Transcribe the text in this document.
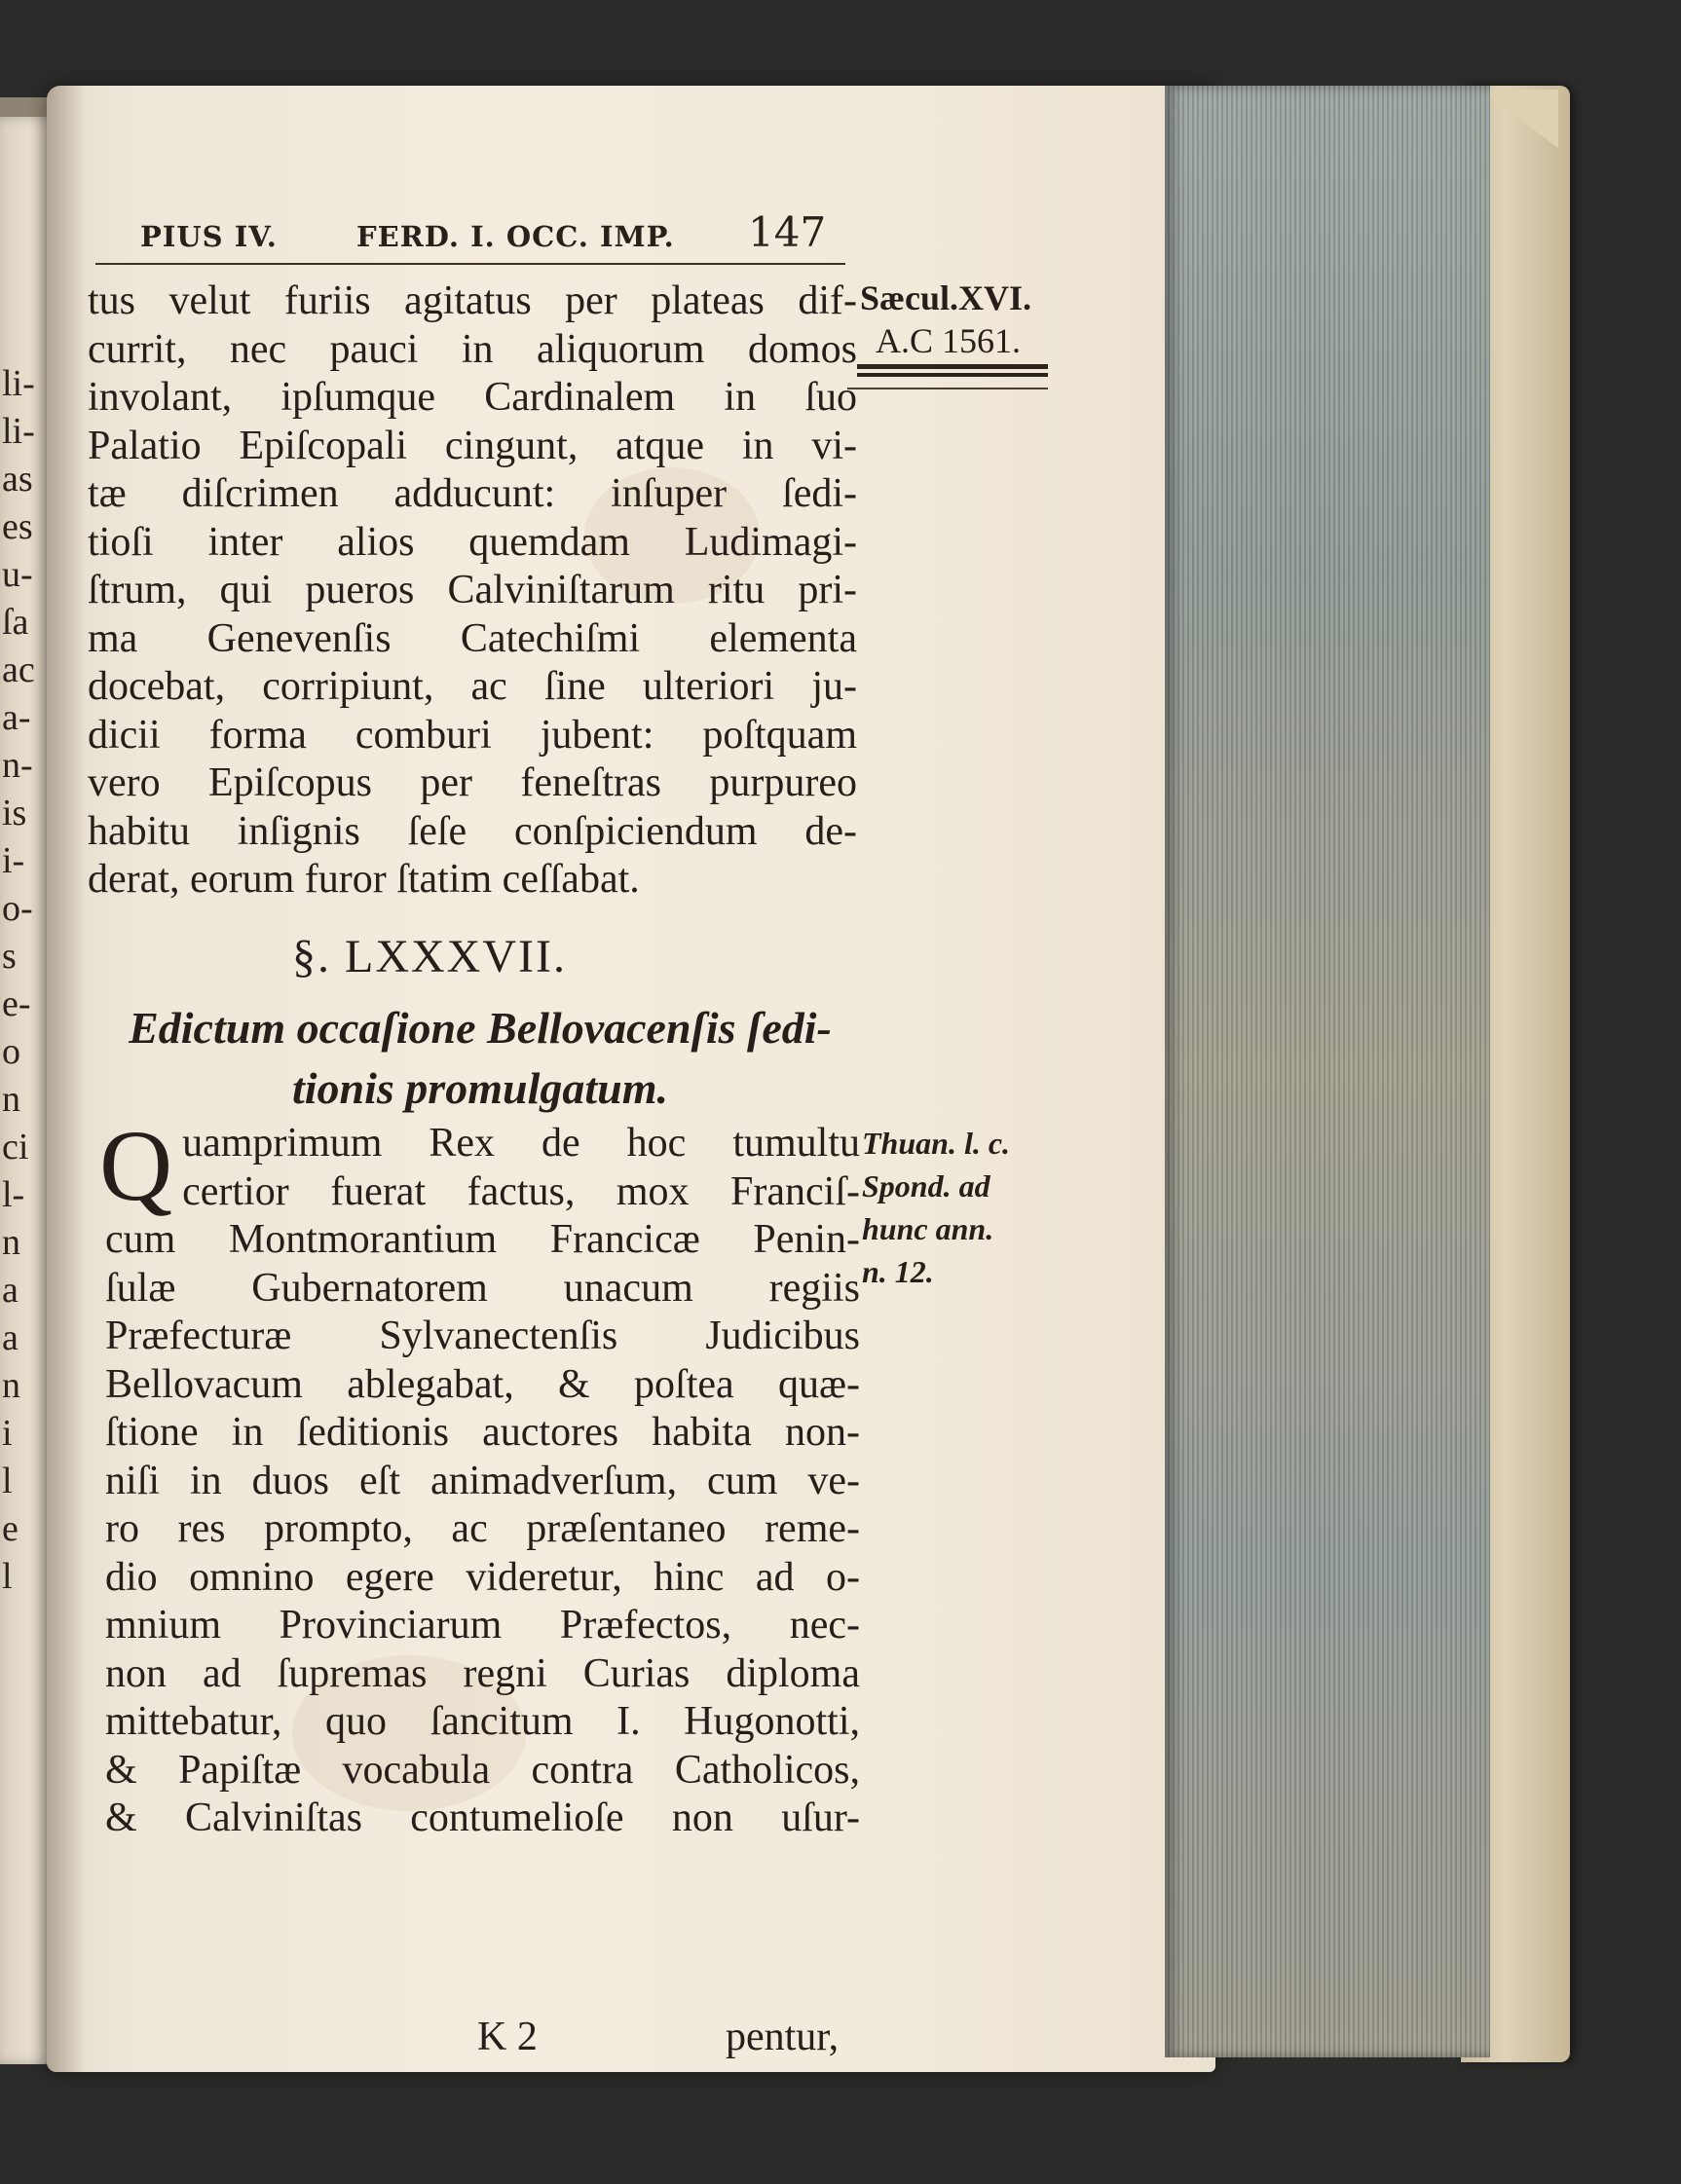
li-
li-
as
es
u-
ſa
ac
a-
n-
is
i-
o-
s
e-
o
n
ci
l-
n
a
a
n
i
l
e
l
PIUS IV.	FERD. I. OCC. IMP. 147
Sæcul.XVI.
A.C 1561.
tus velut furiis agitatus per plateas dif-
currit, nec pauci in aliquorum domos
involant, ipſumque Cardinalem in ſuo
Palatio Epiſcopali cingunt, atque in vi-
tæ diſcrimen adducunt: inſuper ſedi-
tioſi inter alios quemdam Ludimagi-
ſtrum, qui pueros Calviniſtarum ritu pri-
ma Genevenſis Catechiſmi elementa
docebat, corripiunt, ac ſine ulteriori ju-
dicii forma comburi jubent: poſtquam
vero Epiſcopus per feneſtras purpureo
habitu inſignis ſeſe conſpiciendum de-
derat, eorum furor ſtatim ceſſabat.
§. LXXXVII.
Edictum occaſione Bellovacenſis ſedi-
tionis promulgatum.
Q uamprimum Rex de hoc tumultu
certior fuerat factus, mox Franciſ-
cum Montmorantium Francicæ Penin-
ſulæ Gubernatorem unacum regiis
Præfecturæ Sylvanectenſis Judicibus
Bellovacum ablegabat, & poſtea quæ-
ſtione in ſeditionis auctores habita non-
niſi in duos eſt animadverſum, cum ve-
ro res prompto, ac præſentaneo reme-
dio omnino egere videretur, hinc ad o-
mnium Provinciarum Præfectos, nec-
non ad ſupremas regni Curias diploma
mittebatur, quo ſancitum I. Hugonotti,
& Papiſtæ vocabula contra Catholicos,
& Calviniſtas contumelioſe non uſur-
Thuan. l. c.
Spond. ad
hunc ann.
n. 12.
K 2	pentur,
